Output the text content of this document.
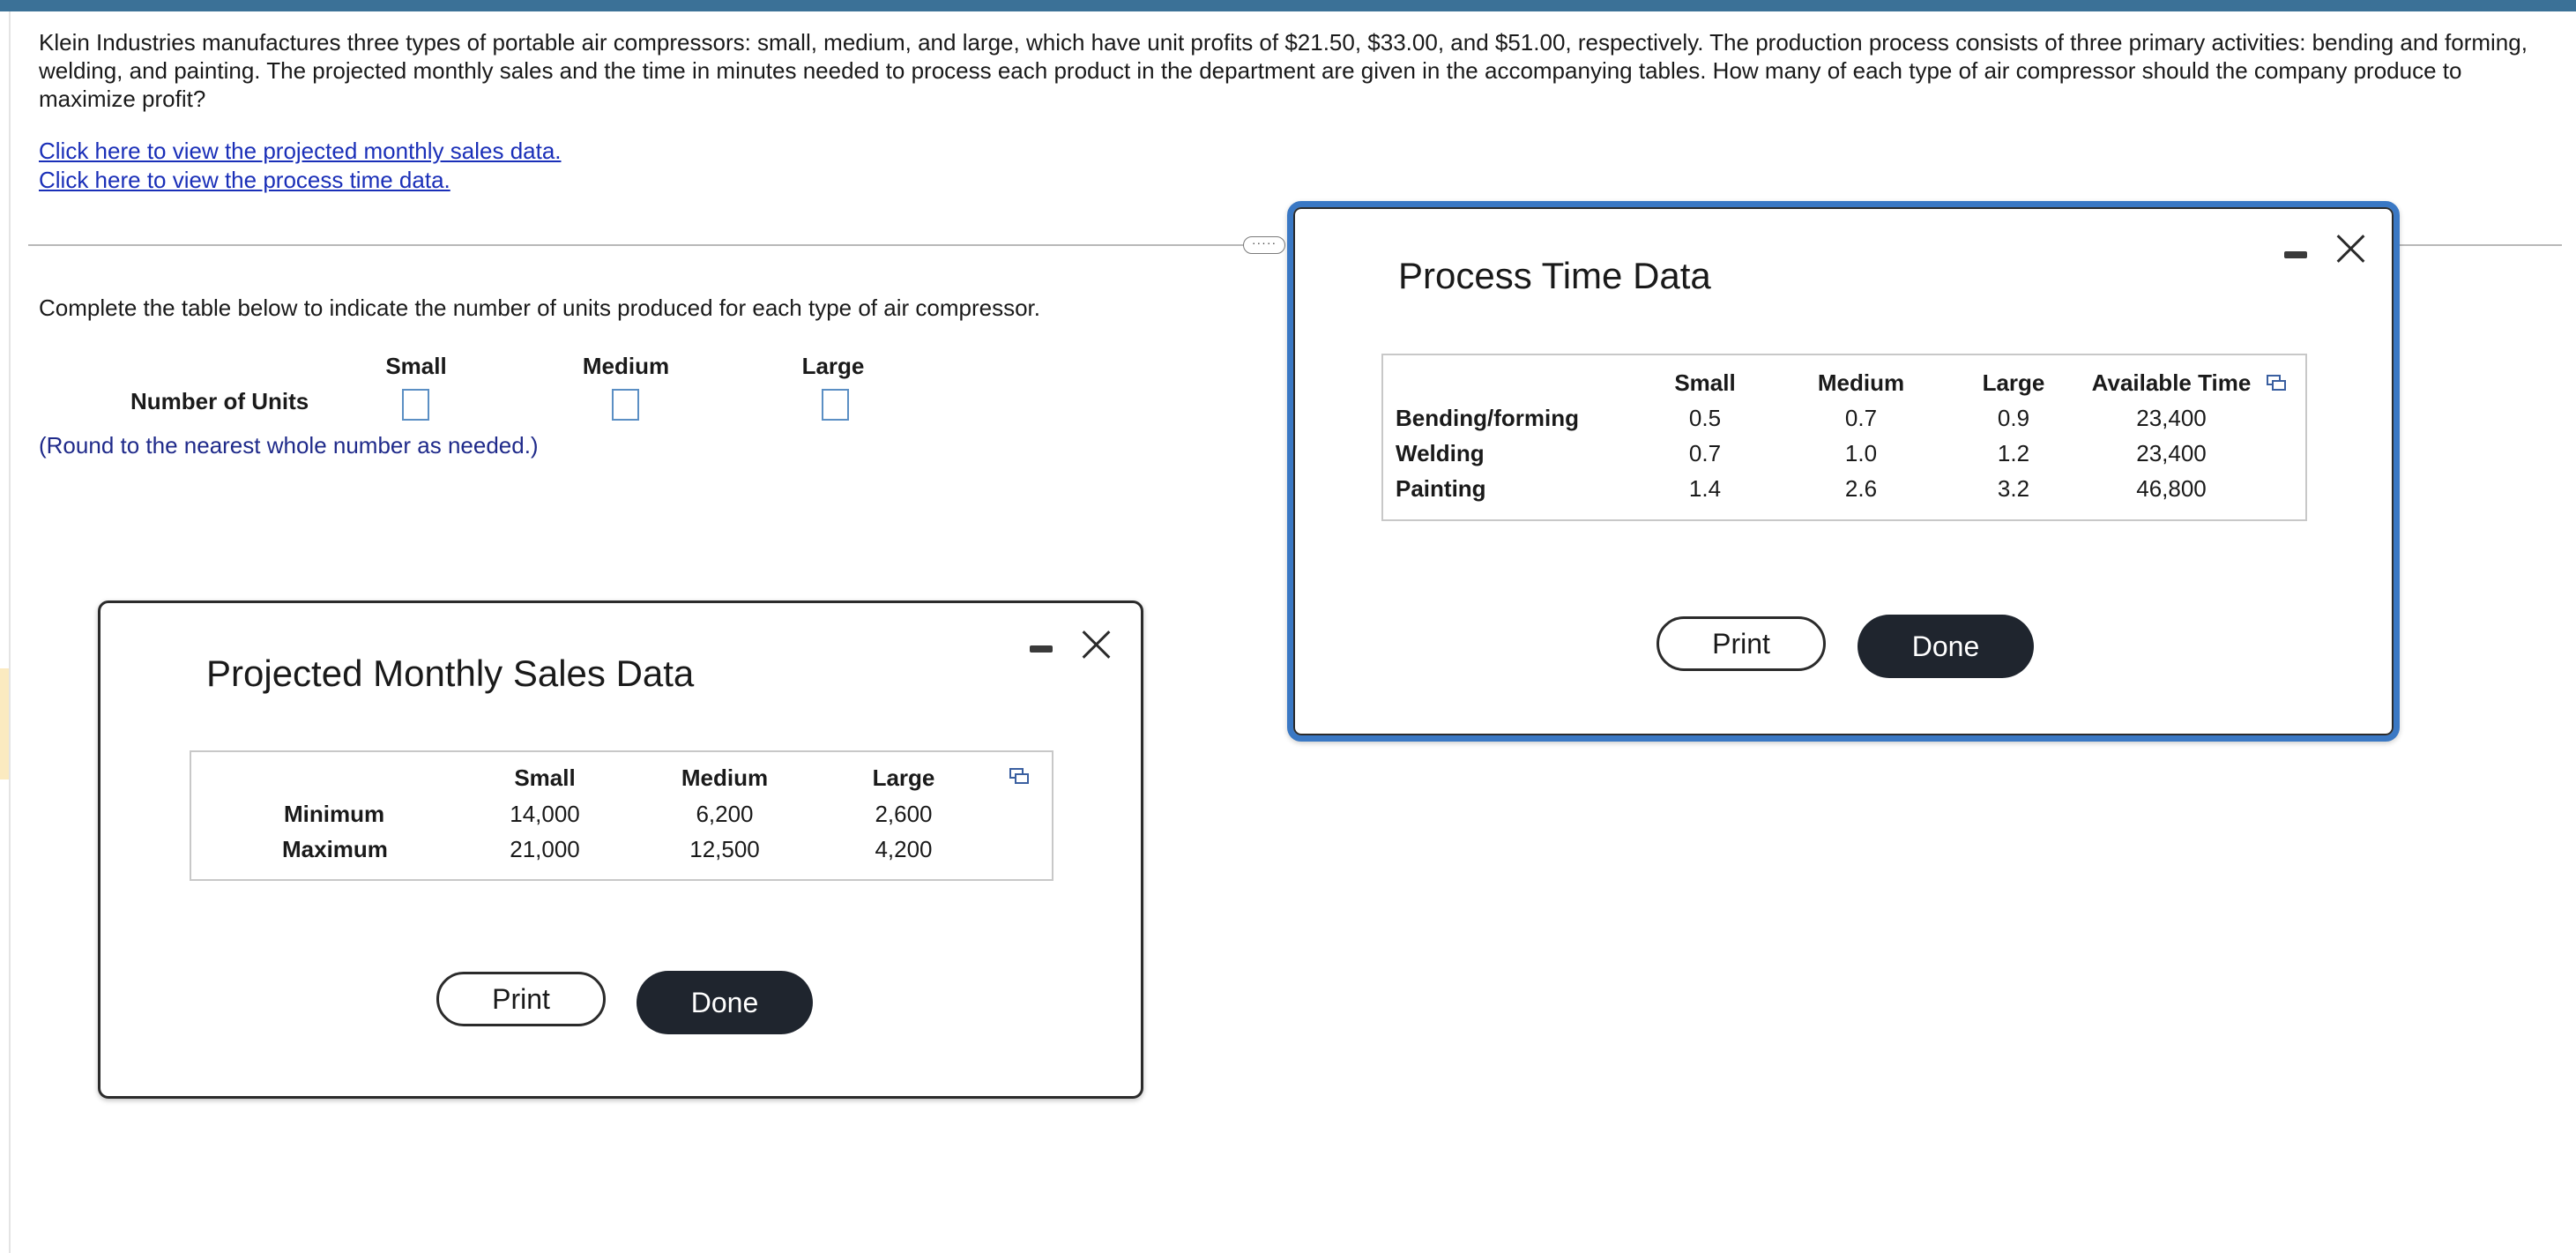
Klein Industries manufactures three types of portable air compressors: small, medium, and large, which have unit profits of $21.50, $33.00, and $51.00, respectively. The production process consists of three primary activities: bending and forming, welding, and painting. The projected monthly sales and the time in minutes needed to process each product in the department are given in the accompanying tables. How many of each type of air compressor should the company produce to maximize profit?
Click here to view the projected monthly sales data.
Click here to view the process time data.
·····
Complete the table below to indicate the number of units produced for each type of air compressor.
Small	Medium	Large
Number of Units
(Round to the nearest whole number as needed.)
Projected Monthly Sales Data
Small	Medium	Large
Minimum	14,000	6,200	2,600
Maximum	21,000	12,500	4,200
Print	Done
Process Time Data
Small	Medium	Large	Available Time
Bending/forming	0.5	0.7	0.9	23,400
Welding	0.7	1.0	1.2	23,400
Painting	1.4	2.6	3.2	46,800
Print	Done
